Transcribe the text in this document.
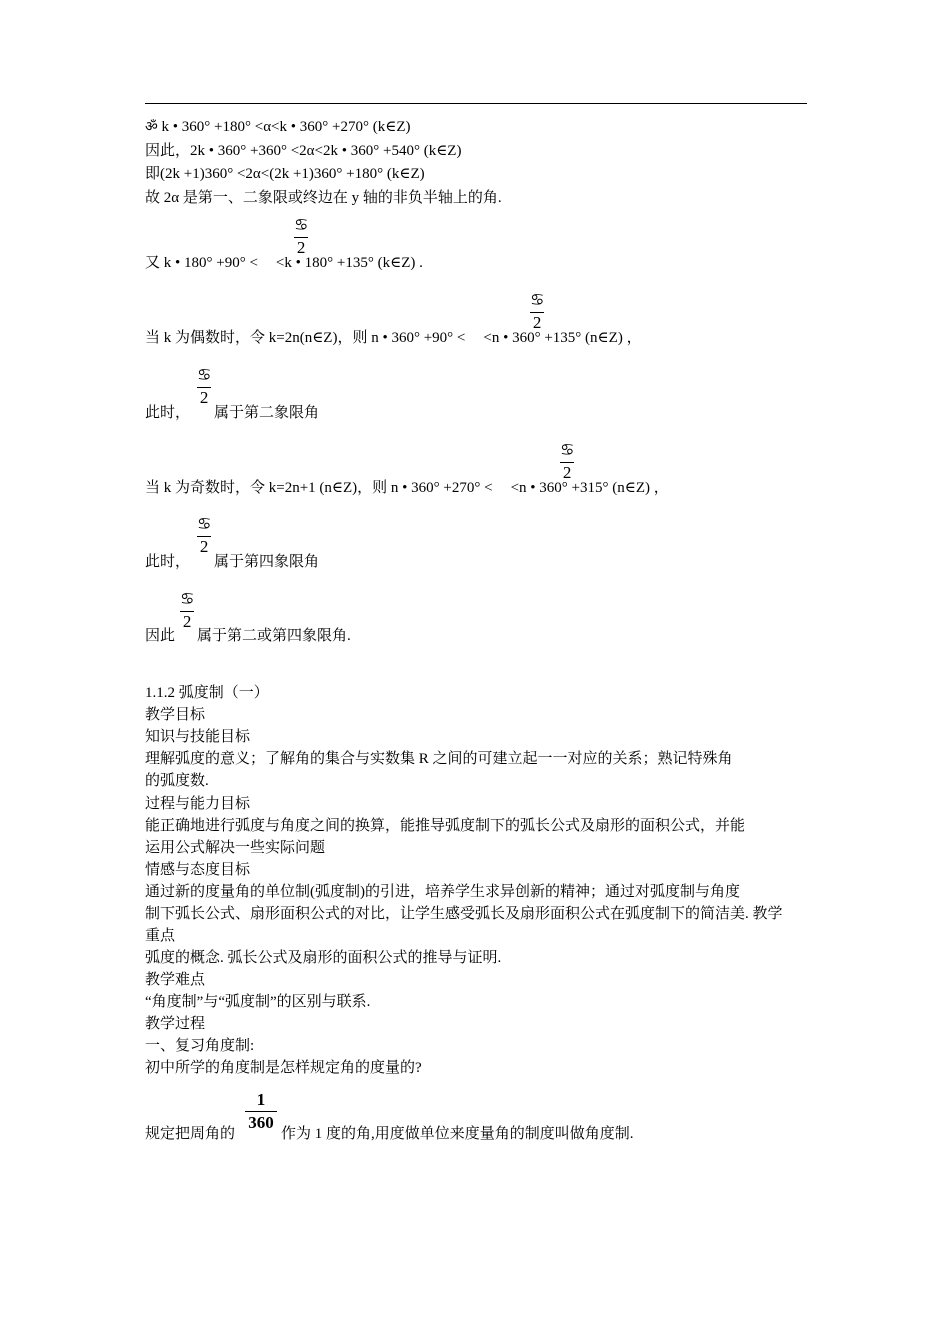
ॐ k • 360° +180° <α<k • 360° +270° (k∈Z)
因此，2k • 360° +360° <2α<2k • 360° +540° (k∈Z)
即(2k +1)360° <2α<(2k +1)360° +180° (k∈Z)
故 2α 是第一、二象限或终边在 y 轴的非负半轴上的角.
又 k • 180° +90° < <k • 180° +135° (k∈Z) .
♋
2
当 k 为偶数时，令 k=2n(n∈Z)，则 n • 360° +90° < <n • 360° +135° (n∈Z) ，
♋
2
此时， 属于第二象限角
♋
2
当 k 为奇数时，令 k=2n+1 (n∈Z)，则 n • 360° +270° < <n • 360° +315° (n∈Z) ，
♋
2
此时， 属于第四象限角
♋
2
因此 属于第二或第四象限角.
♋
2
1.1.2 弧度制（一）
教学目标
知识与技能目标
理解弧度的意义；了解角的集合与实数集 R 之间的可建立起一一对应的关系；熟记特殊角
的弧度数.
过程与能力目标
能正确地进行弧度与角度之间的换算，能推导弧度制下的弧长公式及扇形的面积公式，并能
运用公式解决一些实际问题
情感与态度目标
通过新的度量角的单位制(弧度制)的引进，培养学生求异创新的精神；通过对弧度制与角度
制下弧长公式、扇形面积公式的对比，让学生感受弧长及扇形面积公式在弧度制下的简洁美. 教学
重点
弧度的概念. 弧长公式及扇形的面积公式的推导与证明.
教学难点
“角度制”与“弧度制”的区别与联系.
教学过程
一、复习角度制:
初中所学的角度制是怎样规定角的度量的?
规定把周角的	作为 1 度的角,用度做单位来度量角的制度叫做角度制.
1
360
